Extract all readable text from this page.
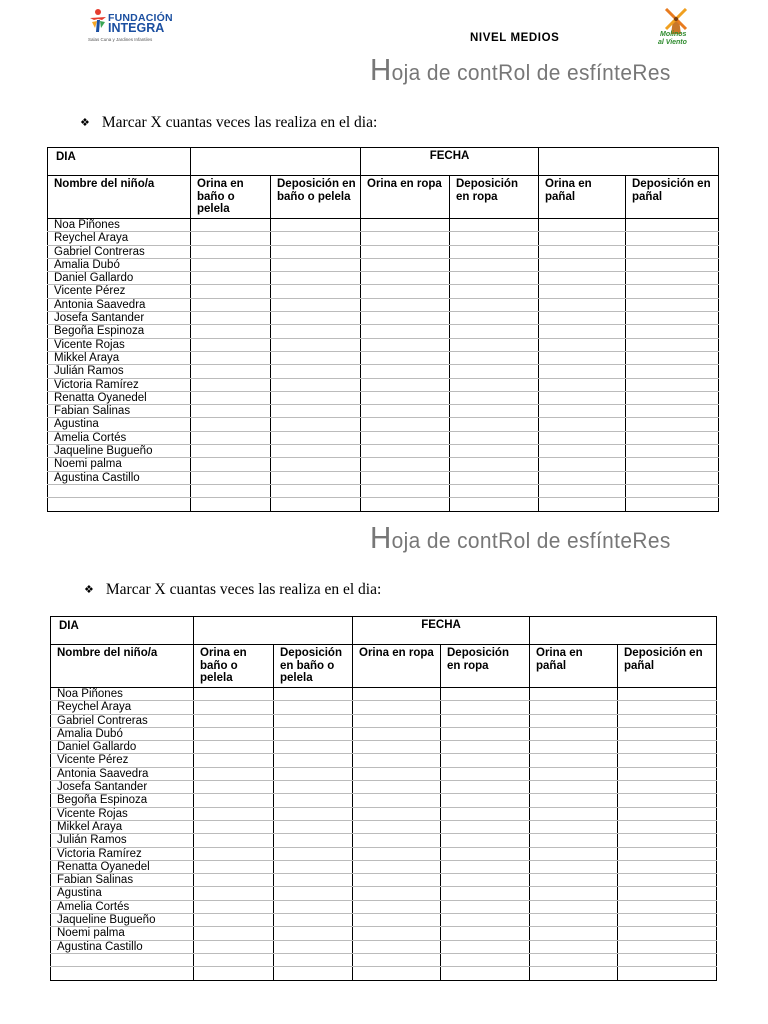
FUNDACIÓN
INTEGRA
Salas Cuna y Jardines Infantiles	NIVEL MEDIOS	Molinos
al Viento
Hoja de contRol de esfínteRes
❖ Marcar X cuantas veces las realiza en el dia:
DIA			FECHA			
Nombre del niño/a	Orina en baño o pelela	Deposición en baño o pelela	Orina en ropa	Deposición en ropa	Orina en pañal	Deposición en pañal
Noa Piñones						
Reychel Araya						
Gabriel Contreras						
Amalia Dubó						
Daniel Gallardo						
Vicente Pérez						
Antonia Saavedra						
Josefa Santander						
Begoña Espinoza						
Vicente Rojas						
Mikkel Araya						
Julián Ramos						
Victoria Ramírez						
Renatta Oyanedel						
Fabian Salinas						
Agustina						
Amelia Cortés						
Jaqueline Bugueño						
Noemi palma						
Agustina Castillo						

Hoja de contRol de esfínteRes
❖ Marcar X cuantas veces las realiza en el dia:
DIA			FECHA			
Nombre del niño/a	Orina en baño o pelela	Deposición en baño o pelela	Orina en ropa	Deposición en ropa	Orina en pañal	Deposición en pañal
Noa Piñones						
Reychel Araya						
Gabriel Contreras						
Amalia Dubó						
Daniel Gallardo						
Vicente Pérez						
Antonia Saavedra						
Josefa Santander						
Begoña Espinoza						
Vicente Rojas						
Mikkel Araya						
Julián Ramos						
Victoria Ramírez						
Renatta Oyanedel						
Fabian Salinas						
Agustina						
Amelia Cortés						
Jaqueline Bugueño						
Noemi palma						
Agustina Castillo						
